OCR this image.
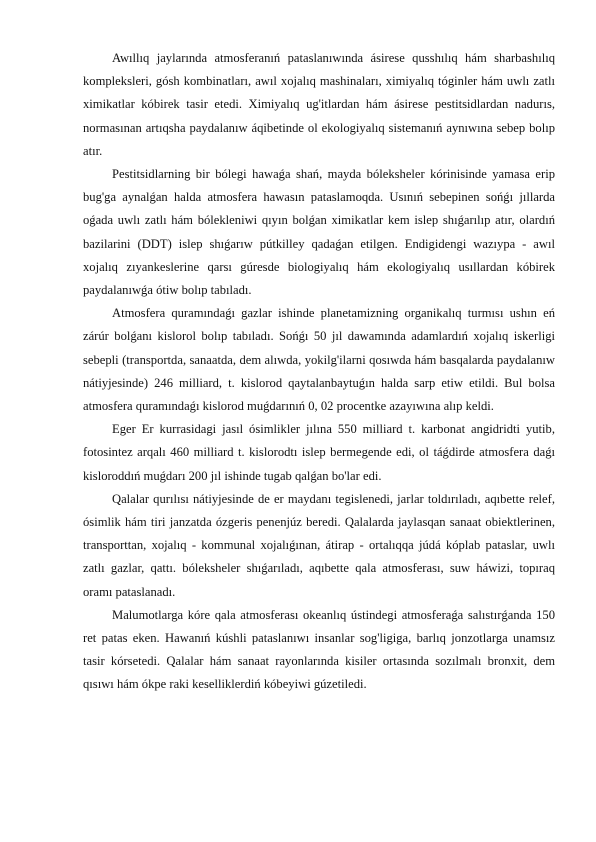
Awıllıq jaylarında atmosferanıń pataslanıwında ásirese qusshılıq hám sharbashılıq kompleksleri, gósh kombinatları, awıl xojalıq mashinaları, ximiyalıq tóginler hám uwlı zatlı ximikatlar kóbirek tasir etedi. Ximiyalıq ug'itlardan hám ásirese pestitsidlardan nadurıs, normasınan artıqsha paydalanıw áqibetinde ol ekologiyalıq sistemanıń aynıwına sebep bolıp atır.

Pestitsidlarning bir bólegi hawaǵa shań, mayda bóleksheler kórinisinde yamasa erip bug'ga aynalǵan halda atmosfera hawasın pataslamoqda. Usınıń sebepinen sońǵı jıllarda oǵada uwlı zatlı hám bólekleniwi qıyın bolǵan ximikatlar kem islep shıǵarılıp atır, olardıń bazilarini (DDT) islep shıǵarıw pútkilley qadaǵan etilgen. Endigidengi wazıypa - awıl xojalıq zıyankeslerine qarsı gúresde biologiyalıq hám ekologiyalıq usıllardan kóbirek paydalanıwǵa ótiw bolıp tabıladı.

Atmosfera quramındaǵı gazlar ishinde planetamizning organikalıq turmısı ushın eń zárúr bolǵanı kislorol bolıp tabıladı. Sońǵı 50 jıl dawamında adamlardıń xojalıq iskerligi sebepli (transportda, sanaatda, dem alıwda, yokilg'ilarni qosıwda hám basqalarda paydalanıw nátiyjesinde) 246 milliard, t. kislorod qaytalanbaytuǵın halda sarp etiw etildi. Bul bolsa atmosfera quramındaǵı kislorod muǵdarınıń 0, 02 procentke azayıwına alıp keldi.

Eger Er kurrasidagi jasıl ósimlikler jılına 550 milliard t. karbonat angidridti yutib, fotosintez arqalı 460 milliard t. kislorodtı islep bermegende edi, ol táǵdirde atmosfera daǵı kisloroddıń muǵdarı 200 jıl ishinde tugab qalǵan bo'lar edi.

Qalalar qurılısı nátiyjesinde de er maydanı tegislenedi, jarlar toldırıladı, aqıbette relef, ósimlik hám tiri janzatda ózgeris penenjúz beredi. Qalalarda jaylasqan sanaat obiektlerinen, transporttan, xojalıq - kommunal xojalıǵınan, átirap - ortalıqqa júdá kóplab pataslar, uwlı zatlı gazlar, qattı. bóleksheler shıǵarıladı, aqıbette qala atmosferası, suw háwizi, topıraq oramı pataslanadı.

Malumotlarga kóre qala atmosferası okeanlıq ústindegi atmosferaǵa salıstırǵanda 150 ret patas eken. Hawanıń kúshli pataslanıwı insanlar sog'ligiga, barlıq jonzotlarga unamsız tasir kórsetedi. Qalalar hám sanaat rayonlarında kisiler ortasında sozılmalı bronxit, dem qısıwı hám ókpe raki keselliklerdiń kóbeyiwi gúzetiledi.
